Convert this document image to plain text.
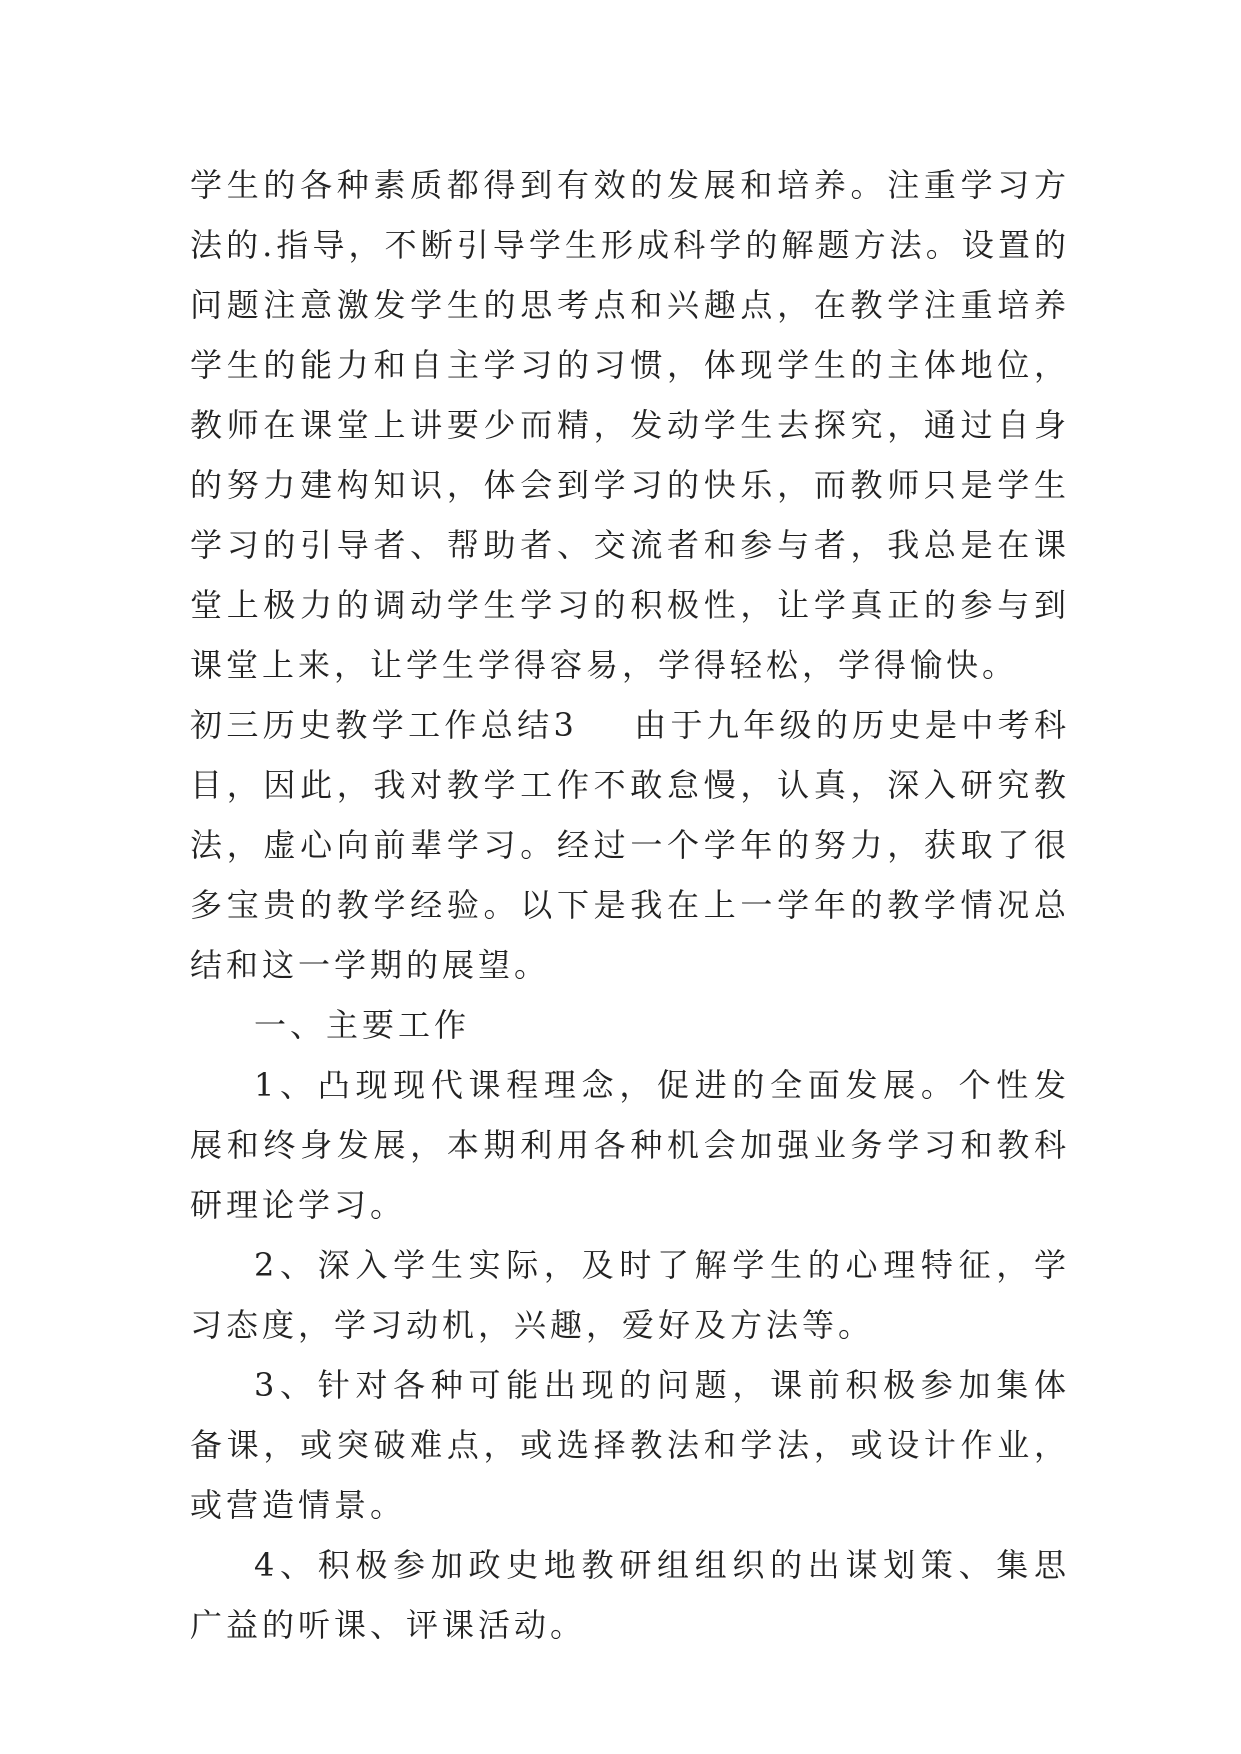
学生的各种素质都得到有效的发展和培养。注重学习方法的.指导，不断引导学生形成科学的解题方法。设置的问题注意激发学生的思考点和兴趣点，在教学注重培养学生的能力和自主学习的习惯，体现学生的主体地位，教师在课堂上讲要少而精，发动学生去探究，通过自身的努力建构知识，体会到学习的快乐，而教师只是学生学习的引导者、帮助者、交流者和参与者，我总是在课堂上极力的调动学生学习的积极性，让学真正的参与到课堂上来，让学生学得容易，学得轻松，学得愉快。

初三历史教学工作总结3 由于九年级的历史是中考科目，因此，我对教学工作不敢怠慢，认真，深入研究教法，虚心向前辈学习。经过一个学年的努力，获取了很多宝贵的教学经验。以下是我在上一学年的教学情况总结和这一学期的展望。

一、主要工作

1、凸现现代课程理念，促进的全面发展。个性发展和终身发展，本期利用各种机会加强业务学习和教科研理论学习。

2、深入学生实际，及时了解学生的心理特征，学习态度，学习动机，兴趣，爱好及方法等。

3、针对各种可能出现的问题，课前积极参加集体备课，或突破难点，或选择教法和学法，或设计作业，或营造情景。

4、积极参加政史地教研组组织的出谋划策、集思广益的听课、评课活动。
